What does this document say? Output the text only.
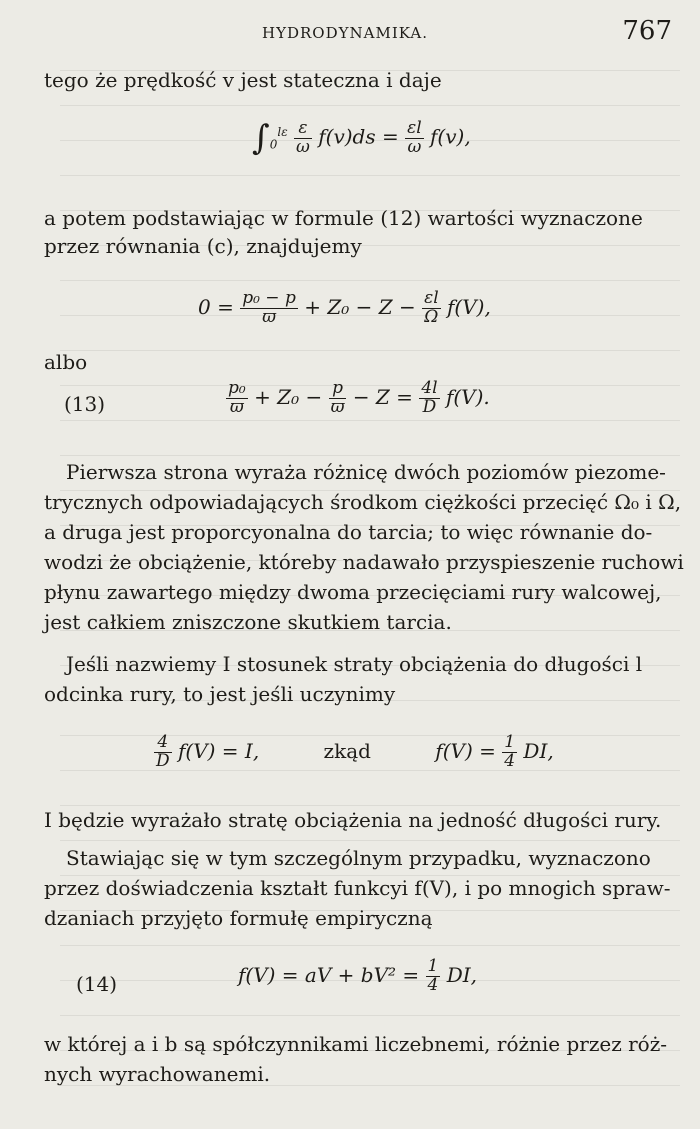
HYDRODYNAMIKA.	767
tego że prędkość v jest stateczna i daje
$\int_0^{l\varepsilon} \frac{\varepsilon}{\omega} f(v)ds = \frac{\varepsilon l}{\omega} f(v)$,
a potem podstawiając w formule (12) wartości wyznaczone
przez równania (c), znajdujemy
$0 = \frac{\text{p₀ − p}}{ϖ} + Z_0 - Z - \frac{\varepsilon l}{\Omega} f(V)$,
albo
(13)	$\frac{\text{p₀}}{ϖ} + Z_0 - \frac{p}{ϖ} - Z = \frac{4l}{D} f(V)$.
Pierwsza strona wyraża różnicę dwóch poziomów piezome-
trycznych odpowiadających środkom ciężkości przecięć Ω₀ i Ω,
a druga jest proporcyonalna do tarcia; to więc równanie do-
wodzi że obciążenie, któreby nadawało przyspieszenie ruchowi
płynu zawartego między dwoma przecięciami rury walcowej,
jest całkiem zniszczone skutkiem tarcia.
Jeśli nazwiemy I stosunek straty obciążenia do długości l
odcinka rury, to jest jeśli uczynimy
$\frac{4}{D} f(V) = I$,	zkąd	$f(V) = \frac{1}{4}$ DI,
I będzie wyrażało stratę obciążenia na jedność długości rury.
Stawiając się w tym szczególnym przypadku, wyznaczono
przez doświadczenia kształt funkcyi f(V), i po mnogich spraw-
dzaniach przyjęto formułę empiryczną
(14)	f(V) = aV + $bV^2 = \frac{1}{4}$ DI,
w której a i b są spółczynnikami liczebnemi, różnie przez róż-
nych wyrachowanemi.
